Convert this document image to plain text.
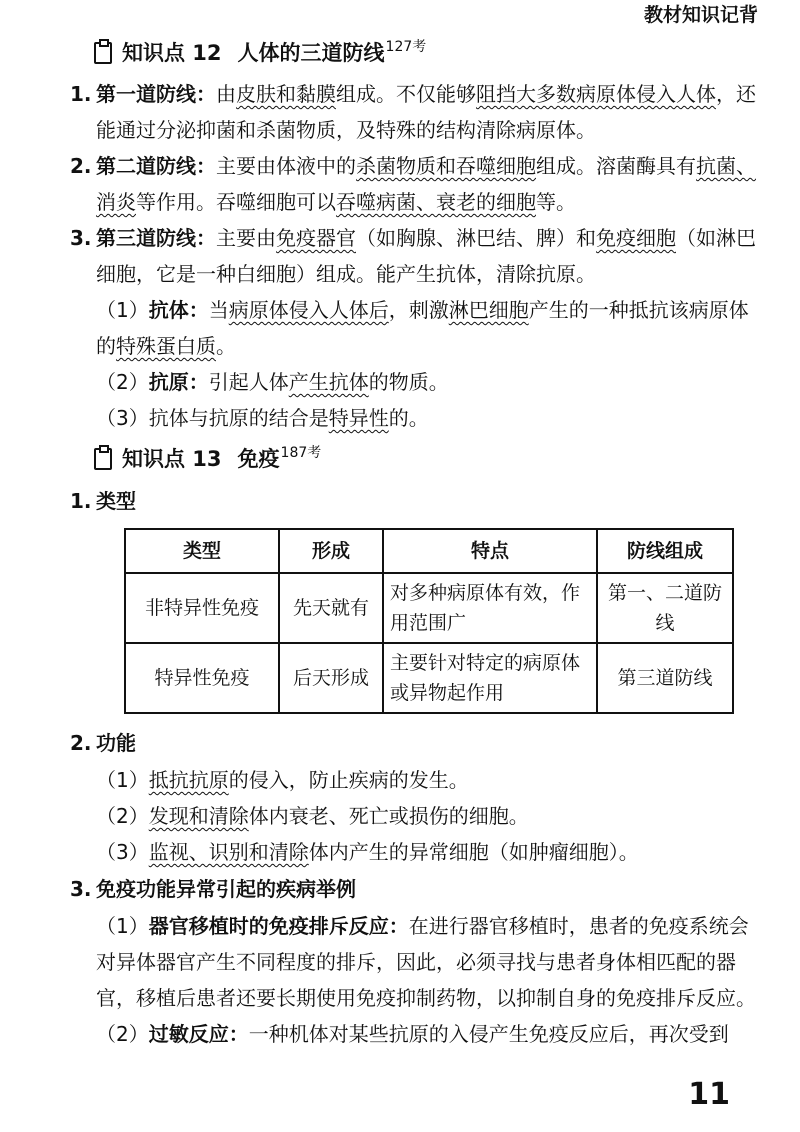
教材知识记背
知识点 12 人体的三道防线$^{127考}$
1. 第一道防线：由皮肤和黏膜组成。不仅能够阻挡大多数病原体侵入人体，还能通过分泌抑菌和杀菌物质，及特殊的结构清除病原体。
2. 第二道防线：主要由体液中的杀菌物质和吞噬细胞组成。溶菌酶具有抗菌、消炎等作用。吞噬细胞可以吞噬病菌、衰老的细胞等。
3. 第三道防线：主要由免疫器官（如胸腺、淋巴结、脾）和免疫细胞（如淋巴细胞，它是一种白细胞）组成。能产生抗体，清除抗原。
（1）抗体：当病原体侵入人体后，刺激淋巴细胞产生的一种抵抗该病原体的特殊蛋白质。
（2）抗原：引起人体产生抗体的物质。
（3）抗体与抗原的结合是特异性的。
知识点 13 免疫$^{187考}$
1. 类型
类型	形成	特点	防线组成
非特异性免疫	先天就有	对多种病原体有效，作用范围广	第一、二道防线
特异性免疫	后天形成	主要针对特定的病原体或异物起作用	第三道防线
2. 功能
（1）抵抗抗原的侵入，防止疾病的发生。
（2）发现和清除体内衰老、死亡或损伤的细胞。
（3）监视、识别和清除体内产生的异常细胞（如肿瘤细胞）。
3. 免疫功能异常引起的疾病举例
（1）器官移植时的免疫排斥反应：在进行器官移植时，患者的免疫系统会对异体器官产生不同程度的排斥，因此，必须寻找与患者身体相匹配的器官，移植后患者还要长期使用免疫抑制药物，以抑制自身的免疫排斥反应。
（2）过敏反应：一种机体对某些抗原的入侵产生免疫反应后，再次受到
11
